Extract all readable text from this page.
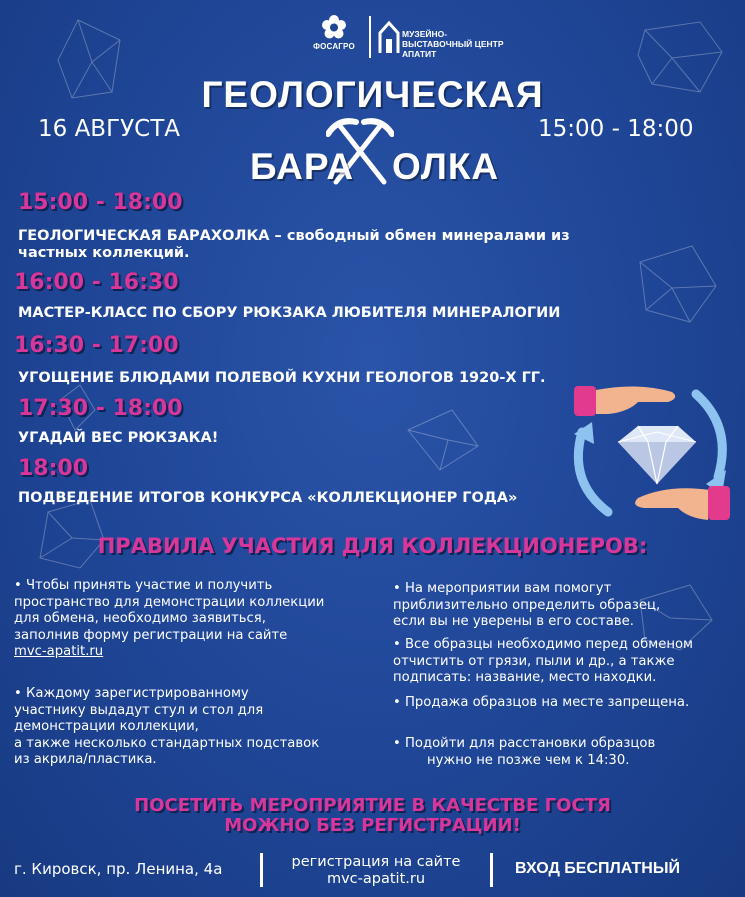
ФОСАГРО
МУЗЕЙНО-
ВЫСТАВОЧНЫЙ ЦЕНТР
АПАТИТ
ГЕОЛОГИЧЕСКАЯ
16 АВГУСТА	15:00 - 18:00
БАРА ОЛКА
15:00 - 18:00
ГЕОЛОГИЧЕСКАЯ БАРАХОЛКА – свободный обмен минералами из частных коллекций.
16:00 - 16:30
МАСТЕР-КЛАСС ПО СБОРУ РЮКЗАКА ЛЮБИТЕЛЯ МИНЕРАЛОГИИ
16:30 - 17:00
УГОЩЕНИЕ БЛЮДАМИ ПОЛЕВОЙ КУХНИ ГЕОЛОГОВ 1920-Х ГГ.
17:30 - 18:00
УГАДАЙ ВЕС РЮКЗАКА!
18:00
ПОДВЕДЕНИЕ ИТОГОВ КОНКУРСА «КОЛЛЕКЦИОНЕР ГОДА»
ПРАВИЛА УЧАСТИЯ ДЛЯ КОЛЛЕКЦИОНЕРОВ:
• Чтобы принять участие и получить
пространство для демонстрации коллекции
для обмена, необходимо заявиться,
заполнив форму регистрации на сайте
mvc-apatit.ru
• Каждому зарегистрированному
участнику выдадут стул и стол для
демонстрации коллекции,
а также несколько стандартных подставок
из акрила/пластика.
• На мероприятии вам помогут
приблизительно определить образец,
если вы не уверены в его составе.
• Все образцы необходимо перед обменом
отчистить от грязи, пыли и др., а также
подписать: название, место находки.
• Продажа образцов на месте запрещена.
• Подойти для расстановки образцов
нужно не позже чем к 14:30.
ПОСЕТИТЬ МЕРОПРИЯТИЕ В КАЧЕСТВЕ ГОСТЯ
МОЖНО БЕЗ РЕГИСТРАЦИИ!
г. Кировск, пр. Ленина, 4а	регистрация на сайте
mvc-apatit.ru
ВХОД БЕСПЛАТНЫЙ
